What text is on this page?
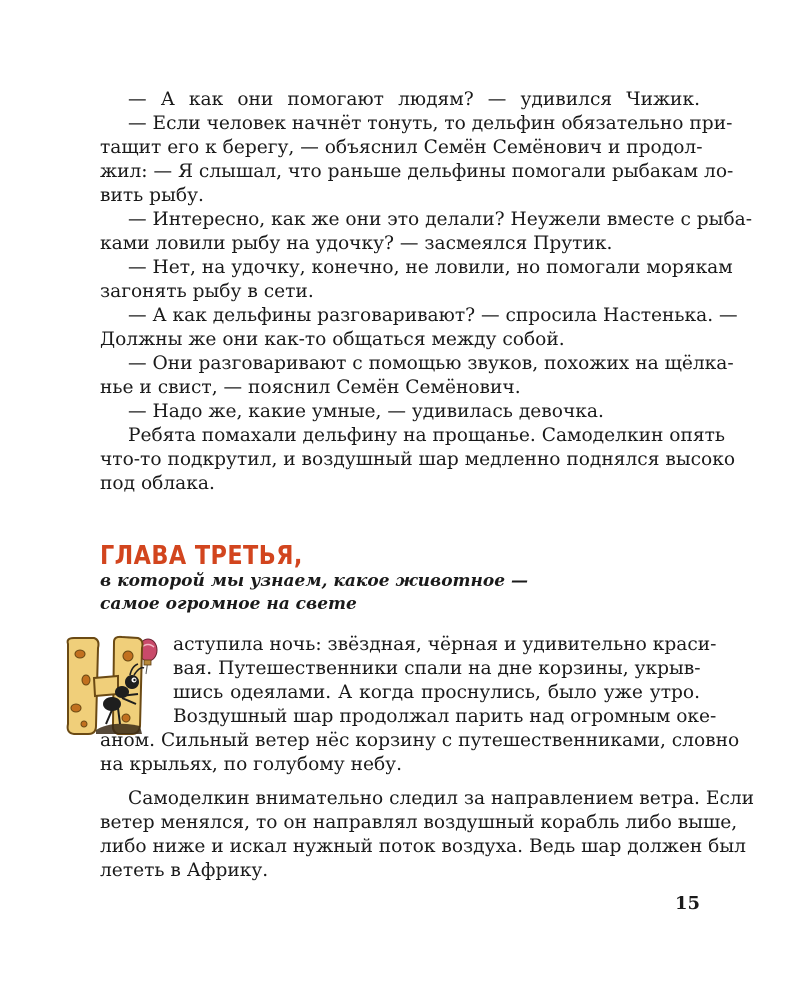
— А как они помогают людям? — удивился Чижик.
— Если человек начнёт тонуть, то дельфин обязательно при-
тащит его к берегу, — объяснил Семён Семёнович и продол-
жил: — Я слышал, что раньше дельфины помогали рыбакам ло-
вить рыбу.
— Интересно, как же они это делали? Неужели вместе с рыба-
ками ловили рыбу на удочку? — засмеялся Прутик.
— Нет, на удочку, конечно, не ловили, но помогали морякам
загонять рыбу в сети.
— А как дельфины разговаривают? — спросила Настенька. —
Должны же они как-то общаться между собой.
— Они разговаривают с помощью звуков, похожих на щёлка-
нье и свист, — пояснил Семён Семёнович.
— Надо же, какие умные, — удивилась девочка.
Ребята помахали дельфину на прощанье. Самоделкин опять
что-то подкрутил, и воздушный шар медленно поднялся высоко
под облака.
ГЛАВА ТРЕТЬЯ,
в которой мы узнаем, какое животное —
самое огромное на свете
аступила ночь: звёздная, чёрная и удивительно краси-
вая. Путешественники спали на дне корзины, укрыв-
шись одеялами. А когда проснулись, было уже утро.
Воздушный шар продолжал парить над огромным оке-
аном. Сильный ветер нёс корзину с путешественниками, словно
на крыльях, по голубому небу.
Самоделкин внимательно следил за направлением ветра. Если
ветер менялся, то он направлял воздушный корабль либо выше,
либо ниже и искал нужный поток воздуха. Ведь шар должен был
лететь в Африку.
15
